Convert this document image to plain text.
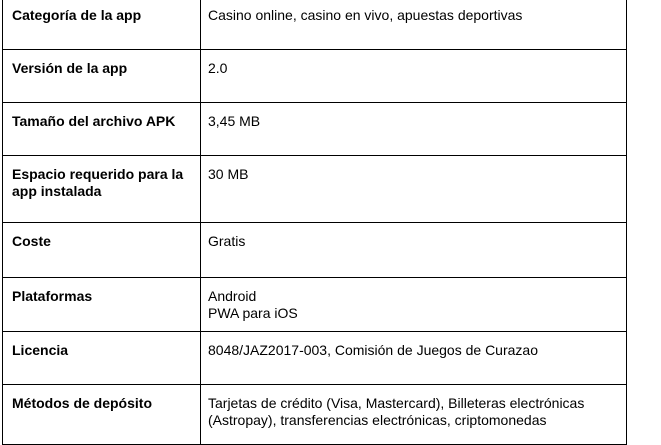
Categoría de la app	Casino online, casino en vivo, apuestas deportivas

Versión de la app	2.0

Tamaño del archivo APK	3,45 MB

Espacio requerido para la
app instalada	30 MB

Coste	Gratis

Plataformas	Android
PWA para iOS

Licencia	8048/JAZ2017-003, Comisión de Juegos de Curazao

Métodos de depósito	Tarjetas de crédito (Visa, Mastercard), Billeteras electrónicas
(Astropay), transferencias electrónicas, criptomonedas
